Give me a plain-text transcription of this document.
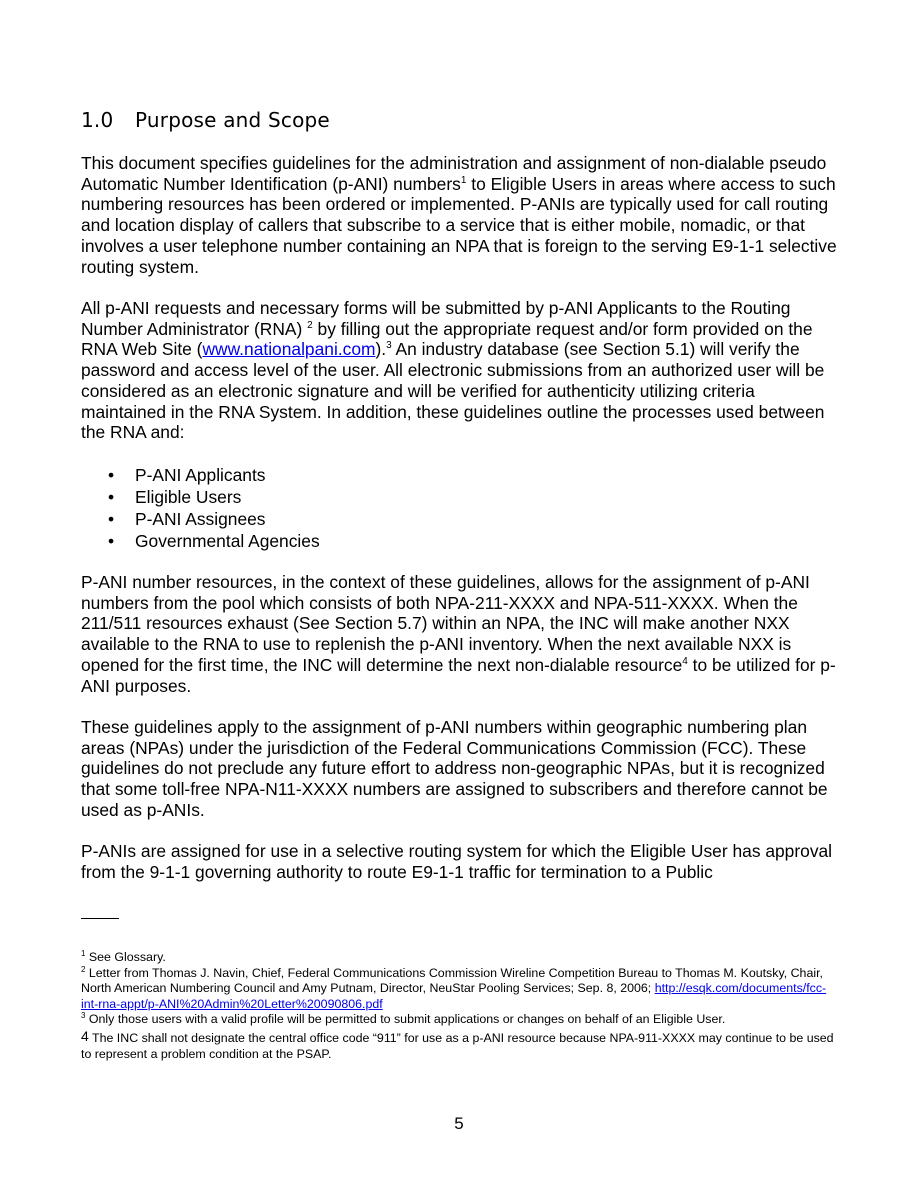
1.0 Purpose and Scope

This document specifies guidelines for the administration and assignment of non-dialable pseudo Automatic Number Identification (p-ANI) numbers$^1$ to Eligible Users in areas where access to such numbering resources has been ordered or implemented. P-ANIs are typically used for call routing and location display of callers that subscribe to a service that is either mobile, nomadic, or that involves a user telephone number containing an NPA that is foreign to the serving E9-1-1 selective routing system.

All p-ANI requests and necessary forms will be submitted by p-ANI Applicants to the Routing Number Administrator (RNA) $^2$ by filling out the appropriate request and/or form provided on the RNA Web Site (www.nationalpani.com).$^3$ An industry database (see Section 5.1) will verify the password and access level of the user. All electronic submissions from an authorized user will be considered as an electronic signature and will be verified for authenticity utilizing criteria maintained in the RNA System. In addition, these guidelines outline the processes used between the RNA and:

• P-ANI Applicants
• Eligible Users
• P-ANI Assignees
• Governmental Agencies

P-ANI number resources, in the context of these guidelines, allows for the assignment of p-ANI numbers from the pool which consists of both NPA-211-XXXX and NPA-511-XXXX. When the 211/511 resources exhaust (See Section 5.7) within an NPA, the INC will make another NXX available to the RNA to use to replenish the p-ANI inventory. When the next available NXX is opened for the first time, the INC will determine the next non-dialable resource$^4$ to be utilized for p-ANI purposes.

These guidelines apply to the assignment of p-ANI numbers within geographic numbering plan areas (NPAs) under the jurisdiction of the Federal Communications Commission (FCC). These guidelines do not preclude any future effort to address non-geographic NPAs, but it is recognized that some toll-free NPA-N11-XXXX numbers are assigned to subscribers and therefore cannot be used as p-ANIs.

P-ANIs are assigned for use in a selective routing system for which the Eligible User has approval from the 9-1-1 governing authority to route E9-1-1 traffic for termination to a Public

$^1$ See Glossary.

$^2$ Letter from Thomas J. Navin, Chief, Federal Communications Commission Wireline Competition Bureau to Thomas M. Koutsky, Chair, North American Numbering Council and Amy Putnam, Director, NeuStar Pooling Services; Sep. 8, 2006; http://esqk.com/documents/fcc-int-rna-appt/p-ANI%20Admin%20Letter%20090806.pdf

$^3$ Only those users with a valid profile will be permitted to submit applications or changes on behalf of an Eligible User.

$^4$ The INC shall not designate the central office code “911” for use as a p-ANI resource because NPA-911-XXXX may continue to be used to represent a problem condition at the PSAP.

5
